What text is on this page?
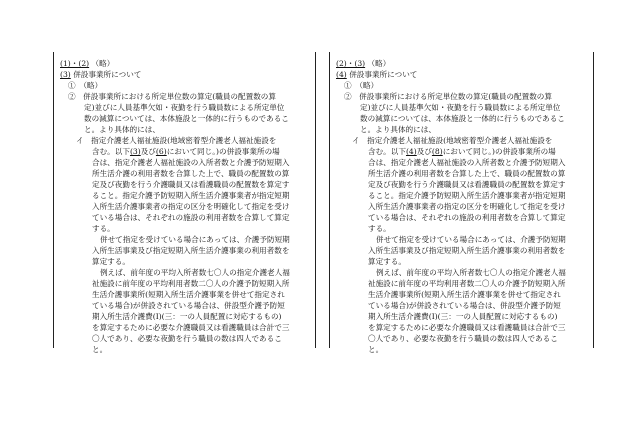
(1)・(2) （略）
(3) 併設事業所について
①　（略）
②　併設事業所における所定単位数の算定(職員の配置数の算
定)並びに人員基準欠如・夜勤を行う職員数による所定単位
数の減算については、本体施設と一体的に行うものであるこ
と。より具体的には、
イ　指定介護老人福祉施設(地域密着型介護老人福祉施設を
含む。以下(3)及び(6)において同じ。)の併設事業所の場
合は、指定介護老人福祉施設の入所者数と介護予防短期入
所生活介護の利用者数を合算した上で、職員の配置数の算
定及び夜勤を行う介護職員又は看護職員の配置数を算定す
ること。指定介護予防短期入所生活介護事業者が指定短期
入所生活介護事業者の指定の区分を明確化して指定を受け
ている場合は、それぞれの施設の利用者数を合算して算定
する。
併せて指定を受けている場合にあっては、介護予防短期
入所生活事業及び指定短期入所生活介護事業の利用者数を
算定する。
例えば、前年度の平均入所者数七〇人の指定介護老人福
祉施設に前年度の平均利用者数二〇人の介護予防短期入所
生活介護事業所(短期入所生活介護事業を併せて指定され
ている場合)が併設されている場合は、併設型介護予防短
期入所生活介護費(Ⅰ)(三：一の人員配置に対応するもの)
を算定するために必要な介護職員又は看護職員は合計で三
〇人であり、必要な夜勤を行う職員の数は四人であるこ
と。
(2)・(3) （略）
(4) 併設事業所について
①　（略）
②　併設事業所における所定単位数の算定(職員の配置数の算
定)並びに人員基準欠如・夜勤を行う職員数による所定単位
数の減算については、本体施設と一体的に行うものであるこ
と。より具体的には、
イ　指定介護老人福祉施設(地域密着型介護老人福祉施設を
含む。以下(4)及び(8)において同じ。)の併設事業所の場
合は、指定介護老人福祉施設の入所者数と介護予防短期入
所生活介護の利用者数を合算した上で、職員の配置数の算
定及び夜勤を行う介護職員又は看護職員の配置数を算定す
ること。指定介護予防短期入所生活介護事業者が指定短期
入所生活介護事業者の指定の区分を明確化して指定を受け
ている場合は、それぞれの施設の利用者数を合算して算定
する。
併せて指定を受けている場合にあっては、介護予防短期
入所生活事業及び指定短期入所生活介護事業の利用者数を
算定する。
例えば、前年度の平均入所者数七〇人の指定介護老人福
祉施設に前年度の平均利用者数二〇人の介護予防短期入所
生活介護事業所(短期入所生活介護事業を併せて指定され
ている場合)が併設されている場合は、併設型介護予防短
期入所生活介護費(Ⅰ)(三：一の人員配置に対応するもの)
を算定するために必要な介護職員又は看護職員は合計で三
〇人であり、必要な夜勤を行う職員の数は四人であるこ
と。
